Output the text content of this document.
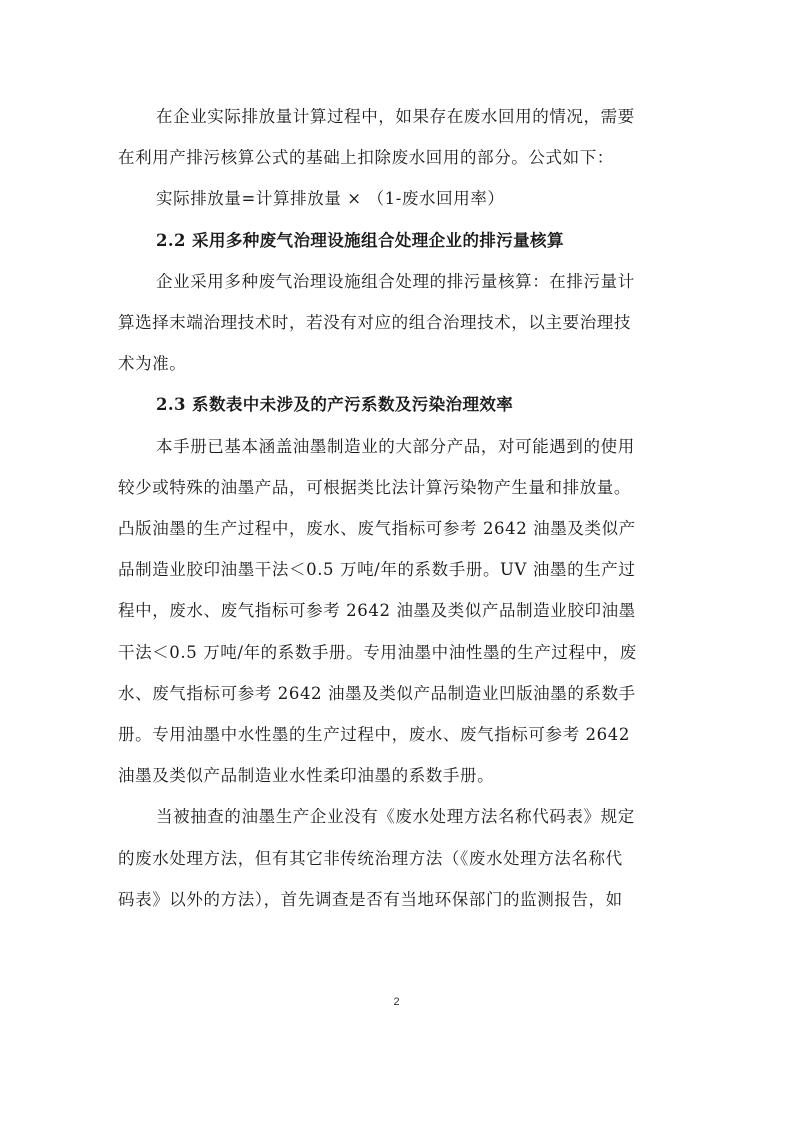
在企业实际排放量计算过程中，如果存在废水回用的情况，需要
在利用产排污核算公式的基础上扣除废水回用的部分。公式如下：
实际排放量=计算排放量 × （1-废水回用率）
2.2 采用多种废气治理设施组合处理企业的排污量核算
企业采用多种废气治理设施组合处理的排污量核算：在排污量计
算选择末端治理技术时，若没有对应的组合治理技术，以主要治理技
术为准。
2.3 系数表中未涉及的产污系数及污染治理效率
本手册已基本涵盖油墨制造业的大部分产品，对可能遇到的使用
较少或特殊的油墨产品，可根据类比法计算污染物产生量和排放量。
凸版油墨的生产过程中，废水、废气指标可参考 2642 油墨及类似产
品制造业胶印油墨干法＜0.5 万吨/年的系数手册。UV 油墨的生产过
程中，废水、废气指标可参考 2642 油墨及类似产品制造业胶印油墨
干法＜0.5 万吨/年的系数手册。专用油墨中油性墨的生产过程中，废
水、废气指标可参考 2642 油墨及类似产品制造业凹版油墨的系数手
册。专用油墨中水性墨的生产过程中，废水、废气指标可参考 2642
油墨及类似产品制造业水性柔印油墨的系数手册。
当被抽查的油墨生产企业没有《废水处理方法名称代码表》规定
的废水处理方法，但有其它非传统治理方法（《废水处理方法名称代
码表》以外的方法），首先调查是否有当地环保部门的监测报告，如
2
